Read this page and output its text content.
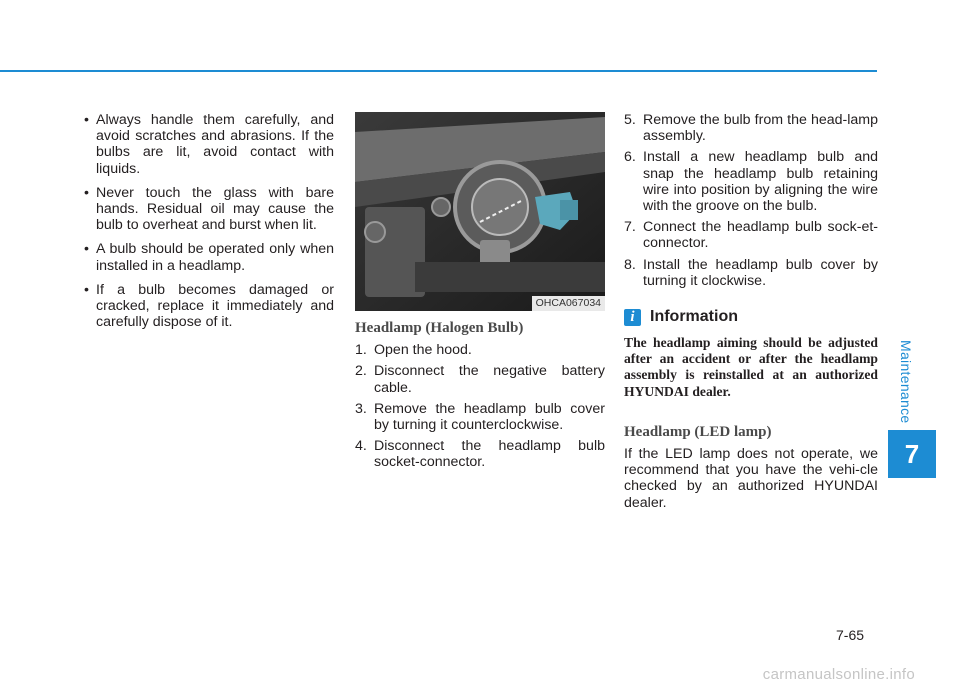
• Always handle them carefully, and avoid scratches and abrasions. If the bulbs are lit, avoid contact with liquids.
• Never touch the glass with bare hands. Residual oil may cause the bulb to overheat and burst when lit.
• A bulb should be operated only when installed in a headlamp.
• If a bulb becomes damaged or cracked, replace it immediately and carefully dispose of it.
OHCA067034
Headlamp (Halogen Bulb)
1. Open the hood.
2. Disconnect the negative battery cable.
3. Remove the headlamp bulb cover by turning it counterclockwise.
4. Disconnect the headlamp bulb socket-connector.
5. Remove the bulb from the head-lamp assembly.
6. Install a new headlamp bulb and snap the headlamp bulb retaining wire into position by aligning the wire with the groove on the bulb.
7. Connect the headlamp bulb sock-et-connector.
8. Install the headlamp bulb cover by turning it clockwise.
i Information
The headlamp aiming should be adjusted after an accident or after the headlamp assembly is reinstalled at an authorized HYUNDAI dealer.
Headlamp (LED lamp)
If the LED lamp does not operate, we recommend that you have the vehi-cle checked by an authorized HYUNDAI dealer.
Maintenance
7
7-65
carmanualsonline.info
